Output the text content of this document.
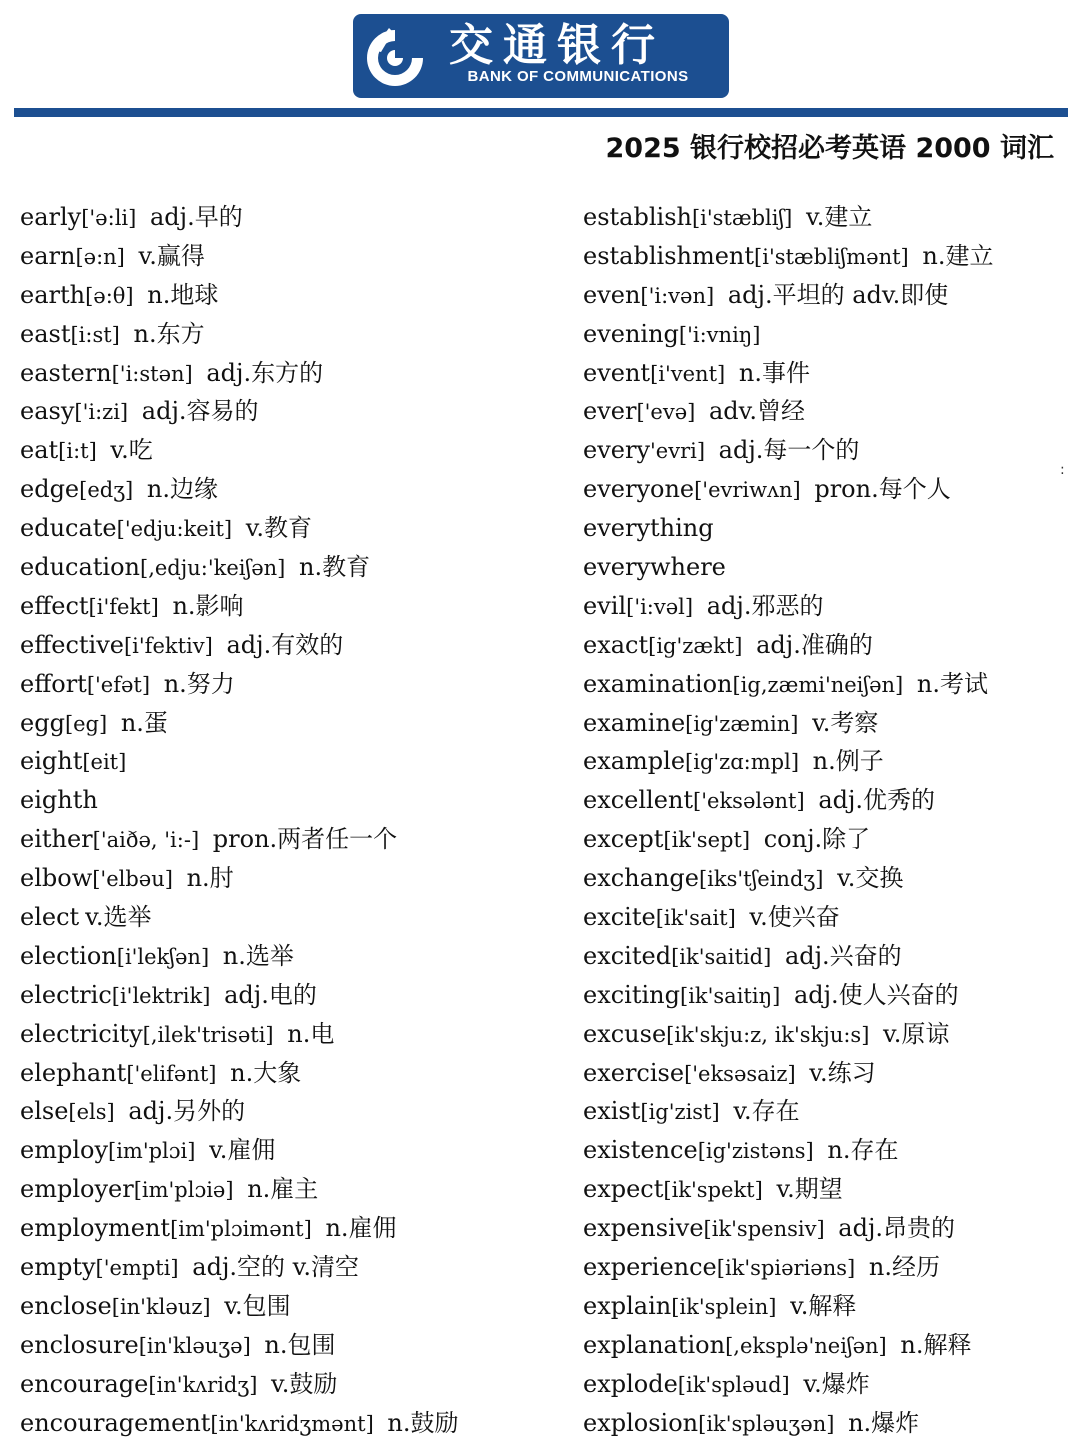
交通银行
BANK OF COMMUNICATIONS
2025 银行校招必考英语 2000 词汇
early['ə:li] adj.早的
earn[ə:n] v.赢得
earth[ə:θ] n.地球
east[i:st] n.东方
eastern['i:stən] adj.东方的
easy['i:zi] adj.容易的
eat[i:t] v.吃
edge[edʒ] n.边缘
educate['edju:keit] v.教育
education[,edju:'keiʃən] n.教育
effect[i'fekt] n.影响
effective[i'fektiv] adj.有效的
effort['efət] n.努力
egg[eg] n.蛋
eight[eit]
eighth
either['aiðə, 'i:-] pron.两者任一个
elbow['elbəu] n.肘
elect v.选举
election[i'lekʃən] n.选举
electric[i'lektrik] adj.电的
electricity[,ilek'trisəti] n.电
elephant['elifənt] n.大象
else[els] adj.另外的
employ[im'plɔi] v.雇佣
employer[im'plɔiə] n.雇主
employment[im'plɔimənt] n.雇佣
empty['empti] adj.空的 v.清空
enclose[in'kləuz] v.包围
enclosure[in'kləuʒə] n.包围
encourage[in'kʌridʒ] v.鼓励
encouragement[in'kʌridʒmənt] n.鼓励
establish[i'stæbliʃ] v.建立
establishment[i'stæbliʃmənt] n.建立
even['i:vən] adj.平坦的 adv.即使
evening['i:vniŋ]
event[i'vent] n.事件
ever['evə] adv.曾经
every'evri] adj.每一个的
everyone['evriwʌn] pron.每个人
everything
everywhere
evil['i:vəl] adj.邪恶的
exact[ig'zækt] adj.准确的
examination[ig,zæmi'neiʃən] n.考试
examine[ig'zæmin] v.考察
example[ig'zɑ:mpl] n.例子
excellent['eksələnt] adj.优秀的
except[ik'sept] conj.除了
exchange[iks'tʃeindʒ] v.交换
excite[ik'sait] v.使兴奋
excited[ik'saitid] adj.兴奋的
exciting[ik'saitiŋ] adj.使人兴奋的
excuse[ik'skju:z, ik'skju:s] v.原谅
exercise['eksəsaiz] v.练习
exist[ig'zist] v.存在
existence[ig'zistəns] n.存在
expect[ik'spekt] v.期望
expensive[ik'spensiv] adj.昂贵的
experience[ik'spiəriəns] n.经历
explain[ik'splein] v.解释
explanation[,eksplə'neiʃən] n.解释
explode[ik'spləud] v.爆炸
explosion[ik'spləuʒən] n.爆炸
:
